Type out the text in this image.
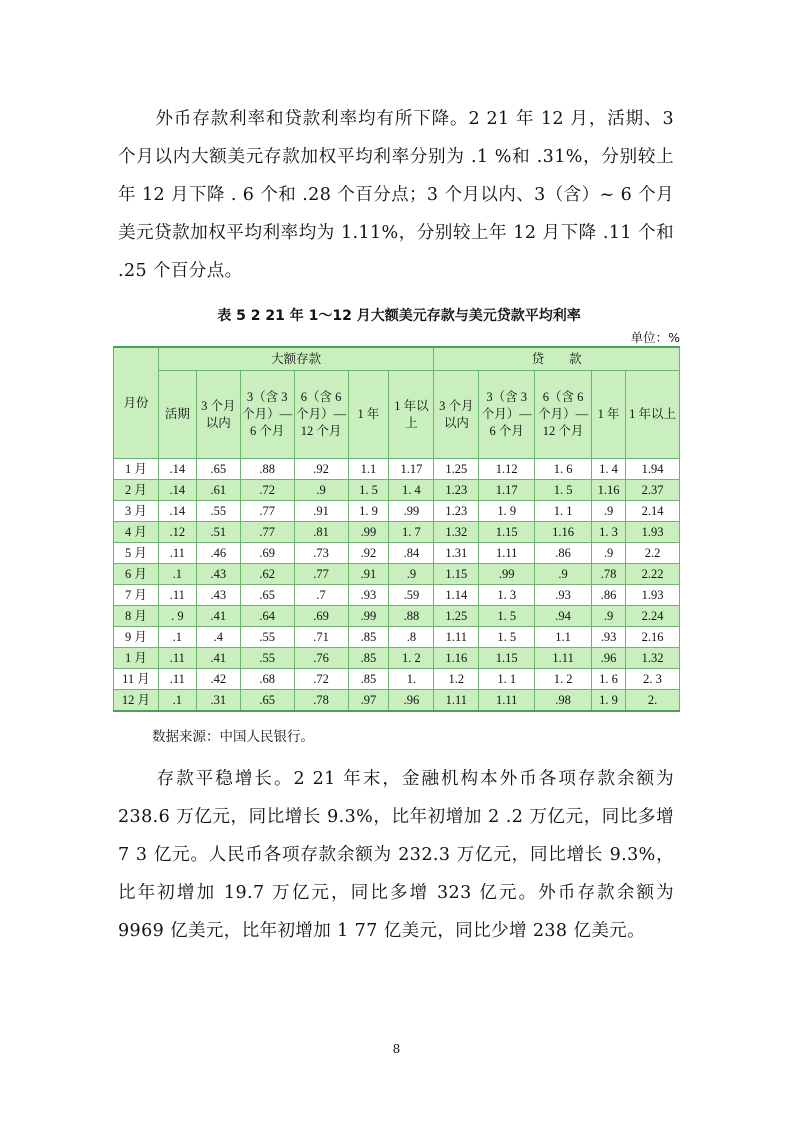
外币存款利率和贷款利率均有所下降。2 21 年 12 月，活期、3 个月以内大额美元存款加权平均利率分别为 .1 %和 .31%，分别较上年 12 月下降 . 6 个和 .28 个百分点；3 个月以内、3（含）~ 6 个月美元贷款加权平均利率均为 1.11%，分别较上年 12 月下降 .11 个和 .25 个百分点。

表 5 2 21 年 1～12 月大额美元存款与美元贷款平均利率
单位：%
月份	大额存款						贷　　款				
	活期	3 个月以内	3（含 3 个月）—6 个月	6（含 6 个月）—12 个月	1 年	1 年以上	3 个月以内	3（含 3 个月）—6 个月	6（含 6 个月）—12 个月	1 年	1 年以上
1 月	.14	.65	.88	.92	1.1	1.17	1.25	1.12	1. 6	1. 4	1.94
2 月	.14	.61	.72	.9	1. 5	1. 4	1.23	1.17	1. 5	1.16	2.37
3 月	.14	.55	.77	.91	1. 9	.99	1.23	1. 9	1. 1	.9	2.14
4 月	.12	.51	.77	.81	.99	1. 7	1.32	1.15	1.16	1. 3	1.93
5 月	.11	.46	.69	.73	.92	.84	1.31	1.11	.86	.9	2.2
6 月	.1	.43	.62	.77	.91	.9	1.15	.99	.9	.78	2.22
7 月	.11	.43	.65	.7	.93	.59	1.14	1. 3	.93	.86	1.93
8 月	. 9	.41	.64	.69	.99	.88	1.25	1. 5	.94	.9	2.24
9 月	.1	.4	.55	.71	.85	.8	1.11	1. 5	1.1	.93	2.16
1 月	.11	.41	.55	.76	.85	1. 2	1.16	1.15	1.11	.96	1.32
11 月	.11	.42	.68	.72	.85	1.	1.2	1. 1	1. 2	1. 6	2. 3
12 月	.1	.31	.65	.78	.97	.96	1.11	1.11	.98	1. 9	2.
数据来源：中国人民银行。

存款平稳增长。2 21 年末，金融机构本外币各项存款余额为 238.6 万亿元，同比增长 9.3%，比年初增加 2 .2 万亿元，同比多增 7 3 亿元。人民币各项存款余额为 232.3 万亿元，同比增长 9.3%，比年初增加 19.7 万亿元，同比多增 323 亿元。外币存款余额为 9969 亿美元，比年初增加 1 77 亿美元，同比少增 238 亿美元。

8
